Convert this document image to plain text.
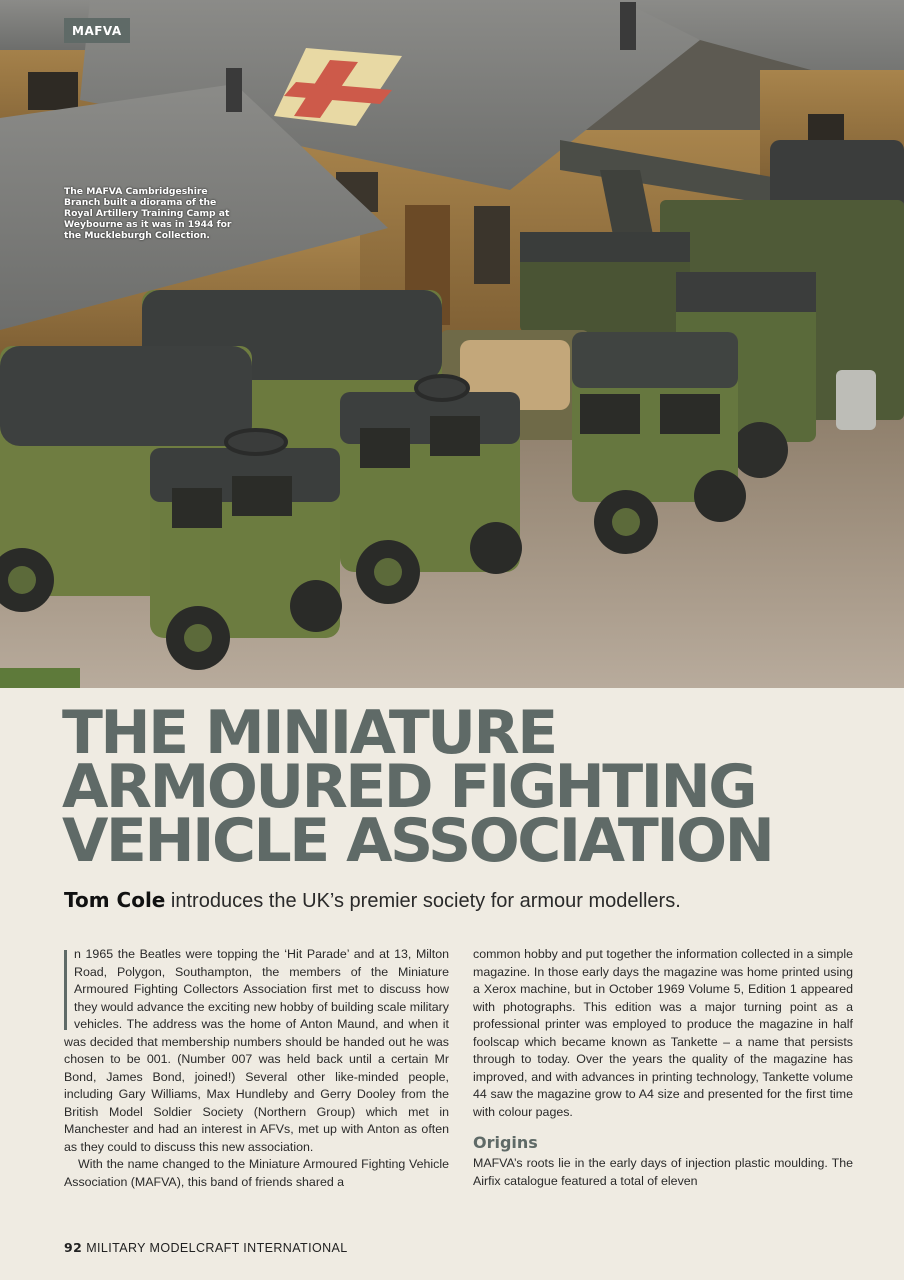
MAFVA
The MAFVA Cambridgeshire Branch built a diorama of the Royal Artillery Training Camp at Weybourne as it was in 1944 for the Muckleburgh Collection.
THE MINIATURE
ARMOURED FIGHTING
VEHICLE ASSOCIATION
Tom Cole introduces the UK’s premier society for armour modellers.

n 1965 the Beatles were topping the ‘Hit Parade’ and at 13, Milton Road, Polygon, Southampton, the members of the Miniature Armoured Fighting Collectors Association first met to discuss how they would advance the exciting new hobby of building scale military vehicles. The address was the home of Anton Maund, and when it was decided that membership numbers should be handed out he was chosen to be 001. (Number 007 was held back until a certain Mr Bond, James Bond, joined!) Several other like-minded people, including Gary Williams, Max Hundleby and Gerry Dooley from the British Model Soldier Society (Northern Group) which met in Manchester and had an interest in AFVs, met up with Anton as often as they could to discuss this new association.

With the name changed to the Miniature Armoured Fighting Vehicle Association (MAFVA), this band of friends shared a

common hobby and put together the information collected in a simple magazine. In those early days the magazine was home printed using a Xerox machine, but in October 1969 Volume 5, Edition 1 appeared with photographs. This edition was a major turning point as a professional printer was employed to produce the magazine in half foolscap which became known as Tankette – a name that persists through to today. Over the years the quality of the magazine has improved, and with advances in printing technology, Tankette volume 44 saw the magazine grow to A4 size and presented for the first time with colour pages.

Origins

MAFVA’s roots lie in the early days of injection plastic moulding. The Airfix catalogue featured a total of eleven

92 MILITARY MODELCRAFT INTERNATIONAL
